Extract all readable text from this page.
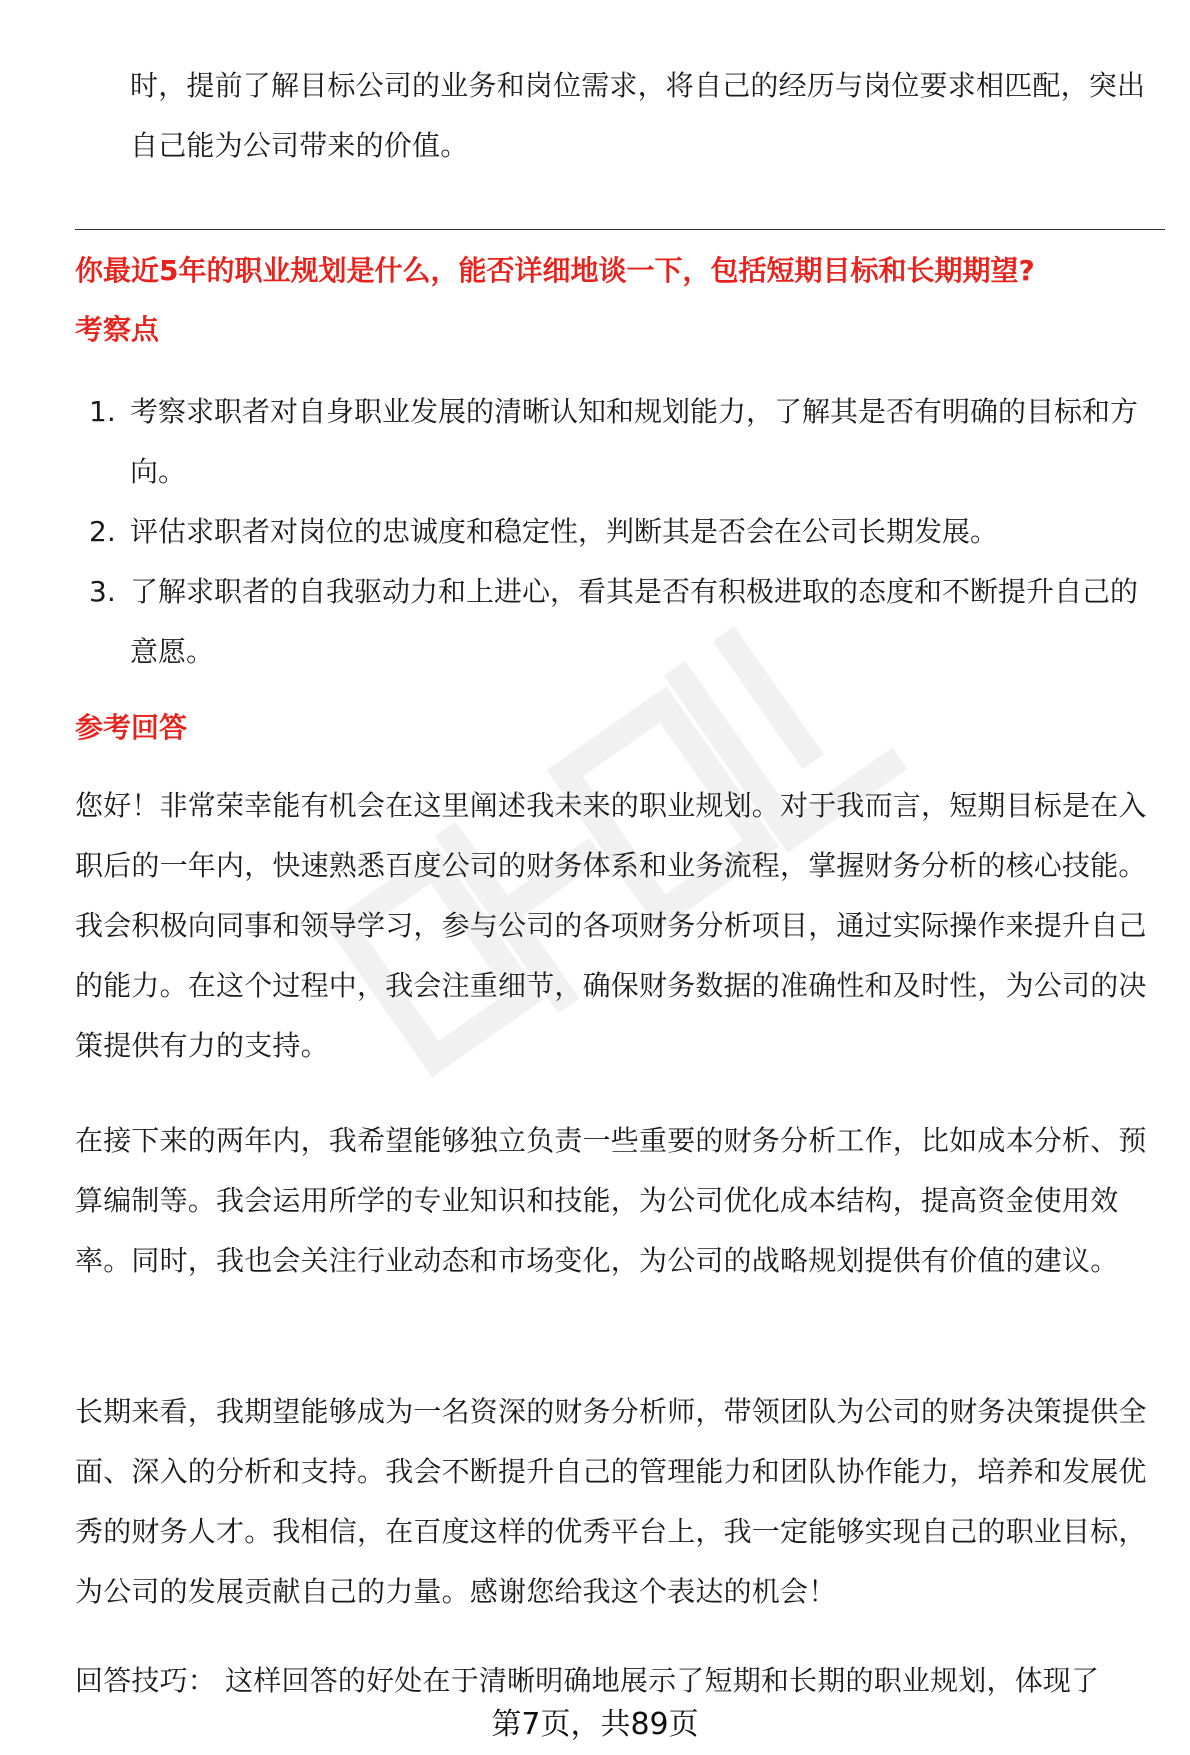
时，提前了解目标公司的业务和岗位需求，将自己的经历与岗位要求相匹配，突出自己能为公司带来的价值。

你最近5年的职业规划是什么，能否详细地谈一下，包括短期目标和长期期望?

考察点

1. 考察求职者对自身职业发展的清晰认知和规划能力，了解其是否有明确的目标和方向。
2. 评估求职者对岗位的忠诚度和稳定性，判断其是否会在公司长期发展。
3. 了解求职者的自我驱动力和上进心，看其是否有积极进取的态度和不断提升自己的意愿。

参考回答

您好！非常荣幸能有机会在这里阐述我未来的职业规划。对于我而言，短期目标是在入职后的一年内，快速熟悉百度公司的财务体系和业务流程，掌握财务分析的核心技能。我会积极向同事和领导学习，参与公司的各项财务分析项目，通过实际操作来提升自己的能力。在这个过程中，我会注重细节，确保财务数据的准确性和及时性，为公司的决策提供有力的支持。

在接下来的两年内，我希望能够独立负责一些重要的财务分析工作，比如成本分析、预算编制等。我会运用所学的专业知识和技能，为公司优化成本结构，提高资金使用效率。同时，我也会关注行业动态和市场变化，为公司的战略规划提供有价值的建议。

长期来看，我期望能够成为一名资深的财务分析师，带领团队为公司的财务决策提供全面、深入的分析和支持。我会不断提升自己的管理能力和团队协作能力，培养和发展优秀的财务人才。我相信，在百度这样的优秀平台上，我一定能够实现自己的职业目标，为公司的发展贡献自己的力量。感谢您给我这个表达的机会！

回答技巧： 这样回答的好处在于清晰明确地展示了短期和长期的职业规划，体现了

第7页，共89页
